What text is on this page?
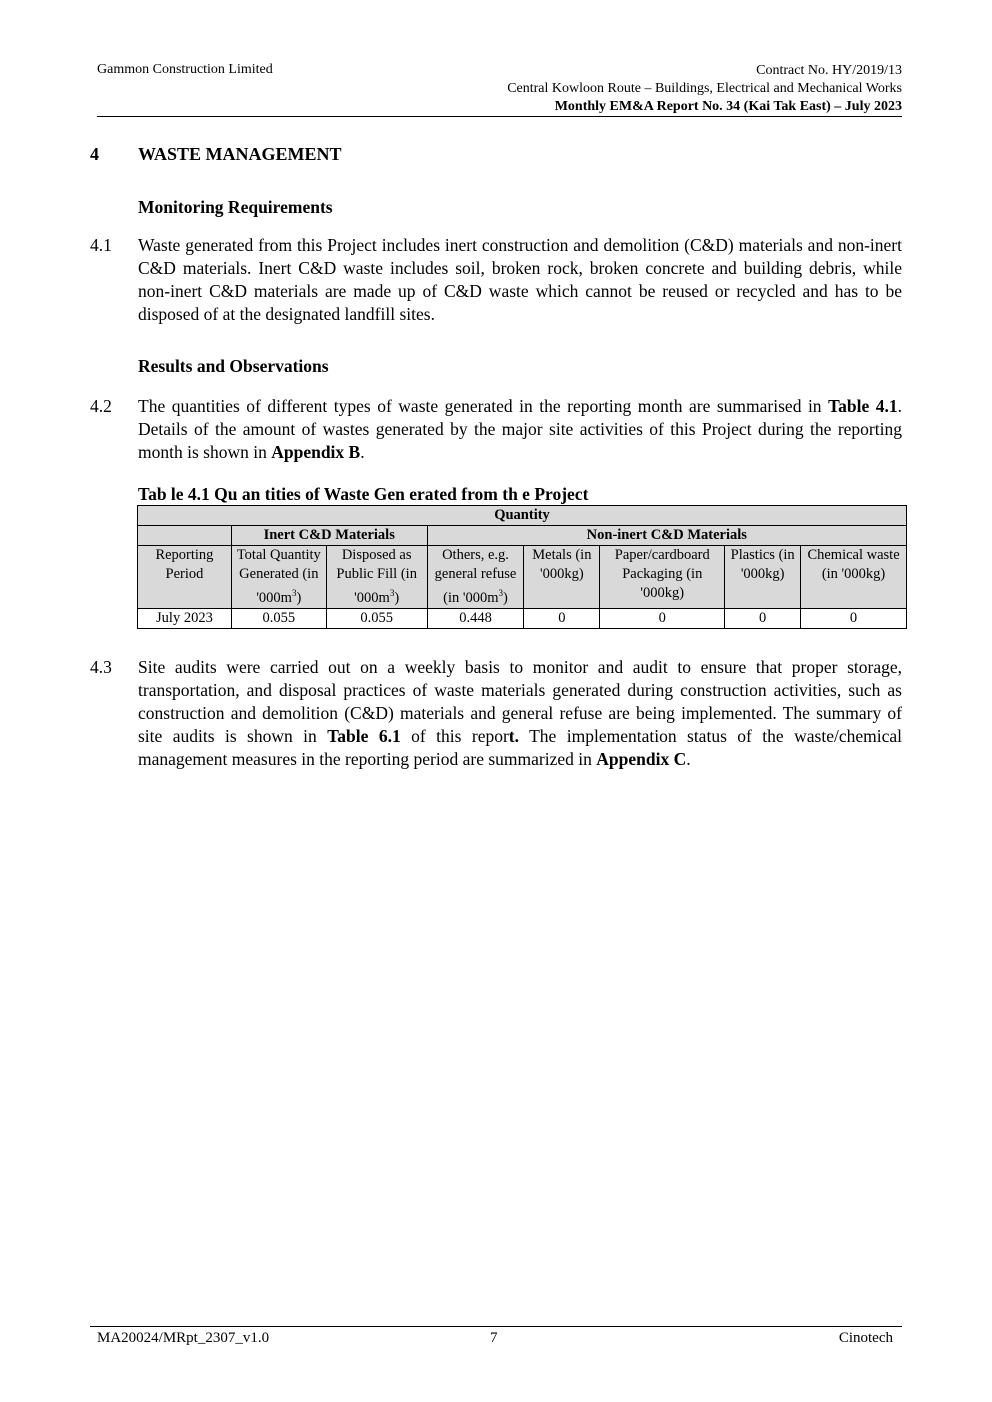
Gammon Construction Limited	Contract No. HY/2019/13
Central Kowloon Route – Buildings, Electrical and Mechanical Works
Monthly EM&A Report No. 34 (Kai Tak East) – July 2023
4 WASTE MANAGEMENT
Monitoring Requirements
4.1 Waste generated from this Project includes inert construction and demolition (C&D) materials and non-inert C&D materials. Inert C&D waste includes soil, broken rock, broken concrete and building debris, while non-inert C&D materials are made up of C&D waste which cannot be reused or recycled and has to be disposed of at the designated landfill sites.
Results and Observations
4.2 The quantities of different types of waste generated in the reporting month are summarised in Table 4.1. Details of the amount of wastes generated by the major site activities of this Project during the reporting month is shown in Appendix B.
Tab le 4.1 Qu an tities of Waste Gen erated from th e Project
Quantity							
	Inert C&D Materials		Non-inert C&D Materials				
Reporting Period	Total Quantity Generated (in '$000m^3$)	Disposed as Public Fill (in '$000m^3$)	Others, e.g. general refuse (in '$000m^3$)	Metals (in '000kg)	Paper/cardboard Packaging (in '000kg)	Plastics (in '000kg)	Chemical waste (in '000kg)
July 2023	0.055	0.055	0.448	0	0	0	0
4.3 Site audits were carried out on a weekly basis to monitor and audit to ensure that proper storage, transportation, and disposal practices of waste materials generated during construction activities, such as construction and demolition (C&D) materials and general refuse are being implemented. The summary of site audits is shown in Table 6.1 of this report. The implementation status of the waste/chemical management measures in the reporting period are summarized in Appendix C.
MA20024/MRpt_2307_v1.0	7	Cinotech
